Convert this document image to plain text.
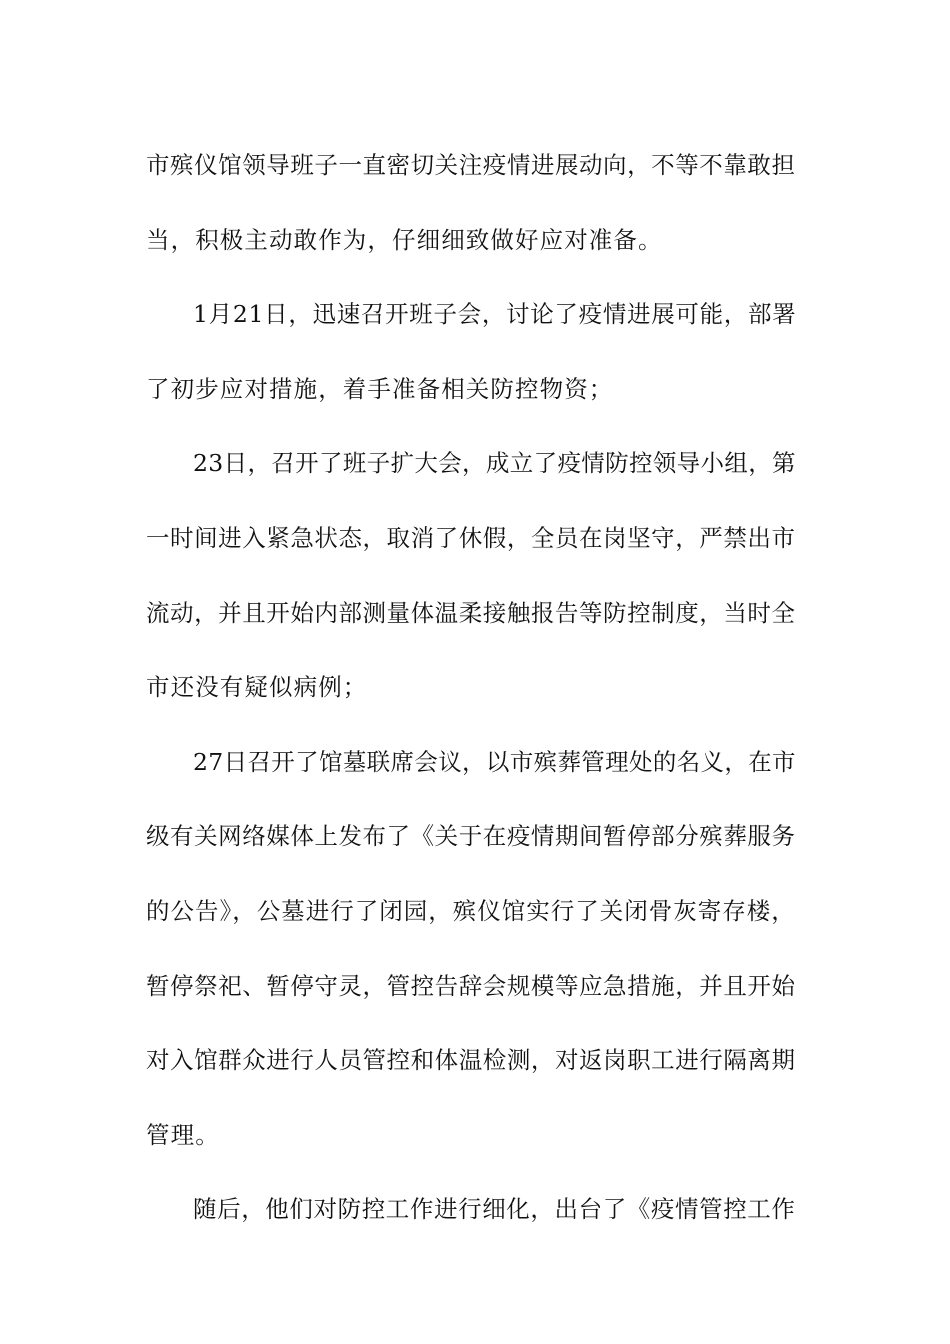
市殡仪馆领导班子一直密切关注疫情进展动向，不等不靠敢担
当，积极主动敢作为，仔细细致做好应对准备。

1月21日，迅速召开班子会，讨论了疫情进展可能，部署
了初步应对措施，着手准备相关防控物资；

23日，召开了班子扩大会，成立了疫情防控领导小组，第
一时间进入紧急状态，取消了休假，全员在岗坚守，严禁出市
流动，并且开始内部测量体温柔接触报告等防控制度，当时全
市还没有疑似病例；

27日召开了馆墓联席会议，以市殡葬管理处的名义，在市
级有关网络媒体上发布了《关于在疫情期间暂停部分殡葬服务
的公告》，公墓进行了闭园，殡仪馆实行了关闭骨灰寄存楼，
暂停祭祀、暂停守灵，管控告辞会规模等应急措施，并且开始
对入馆群众进行人员管控和体温检测，对返岗职工进行隔离期
管理。

随后，他们对防控工作进行细化，出台了《疫情管控工作
